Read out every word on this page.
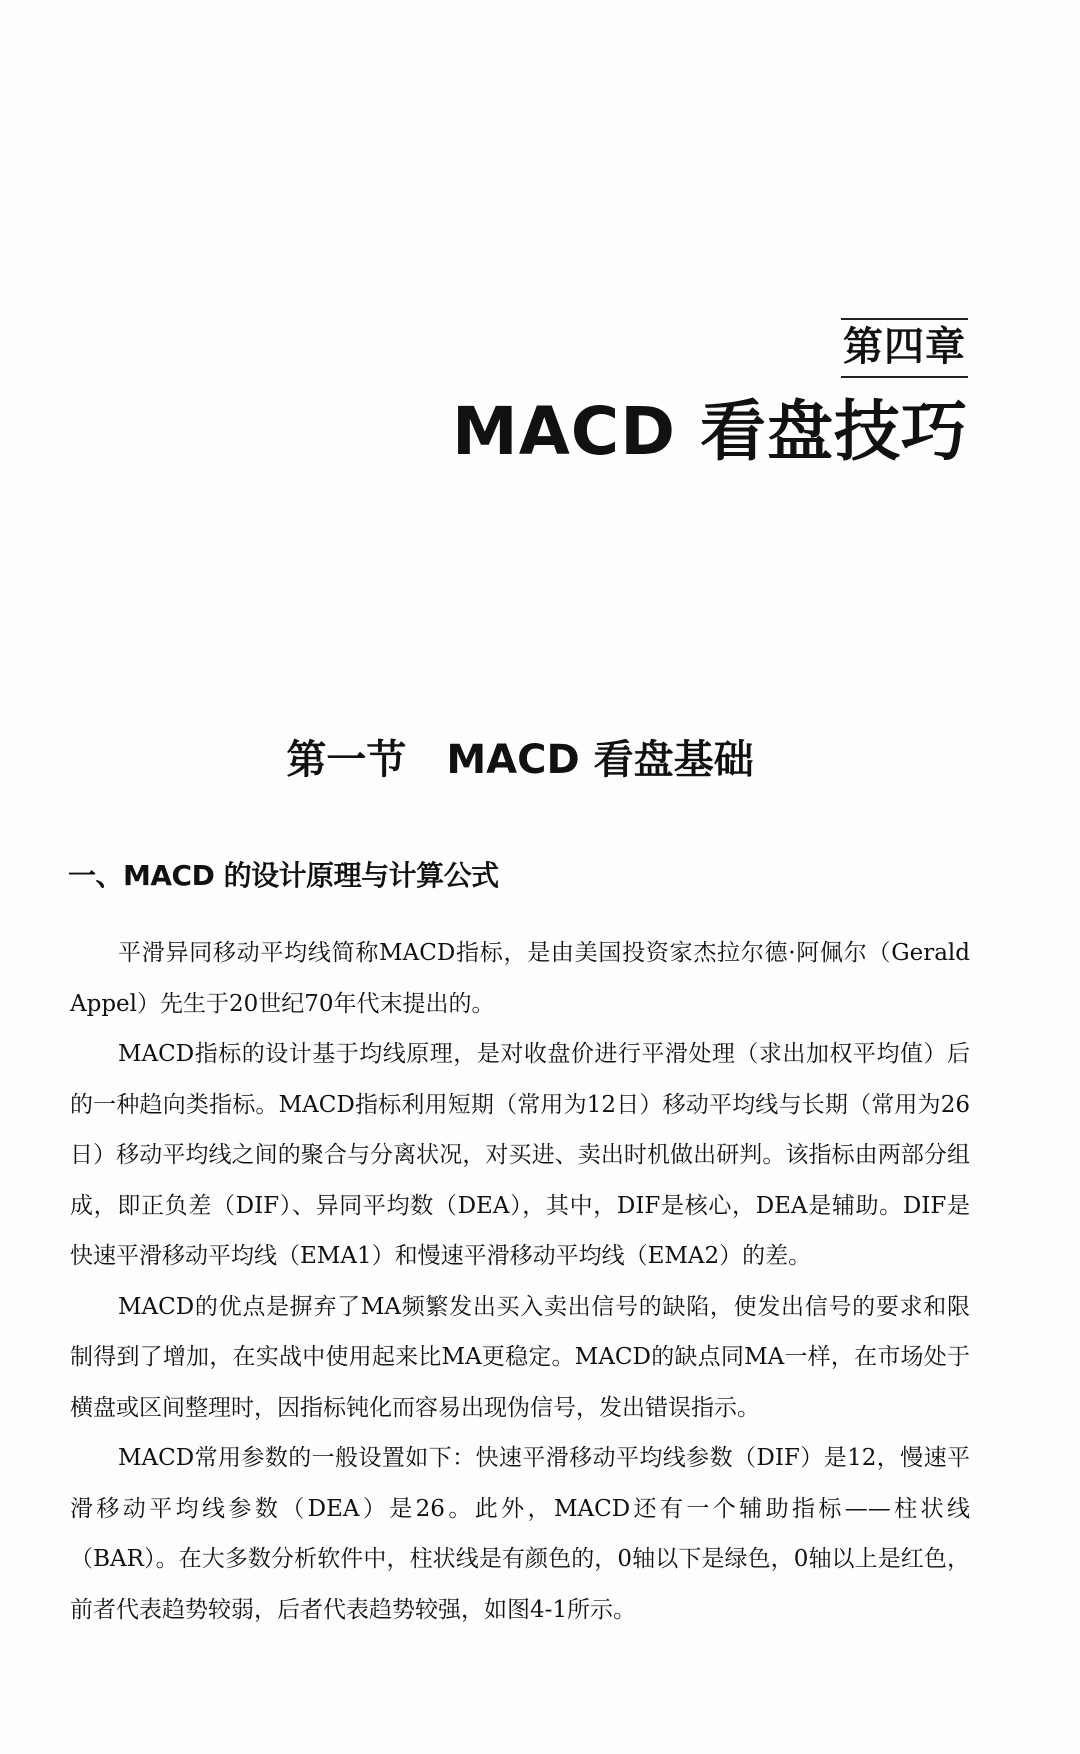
第四章
MACD 看盘技巧
第一节 MACD 看盘基础
一、MACD 的设计原理与计算公式

平滑异同移动平均线简称MACD指标，是由美国投资家杰拉尔德·阿佩尔（Gerald Appel）先生于20世纪70年代末提出的。

MACD指标的设计基于均线原理，是对收盘价进行平滑处理（求出加权平均值）后的一种趋向类指标。MACD指标利用短期（常用为12日）移动平均线与长期（常用为26日）移动平均线之间的聚合与分离状况，对买进、卖出时机做出研判。该指标由两部分组成，即正负差（DIF）、异同平均数（DEA），其中，DIF是核心，DEA是辅助。DIF是快速平滑移动平均线（EMA1）和慢速平滑移动平均线（EMA2）的差。

MACD的优点是摒弃了MA频繁发出买入卖出信号的缺陷，使发出信号的要求和限制得到了增加，在实战中使用起来比MA更稳定。MACD的缺点同MA一样，在市场处于横盘或区间整理时，因指标钝化而容易出现伪信号，发出错误指示。

MACD常用参数的一般设置如下：快速平滑移动平均线参数（DIF）是12，慢速平滑移动平均线参数（DEA）是26。此外，MACD还有一个辅助指标——柱状线（BAR）。在大多数分析软件中，柱状线是有颜色的，0轴以下是绿色，0轴以上是红色，前者代表趋势较弱，后者代表趋势较强，如图4-1所示。
